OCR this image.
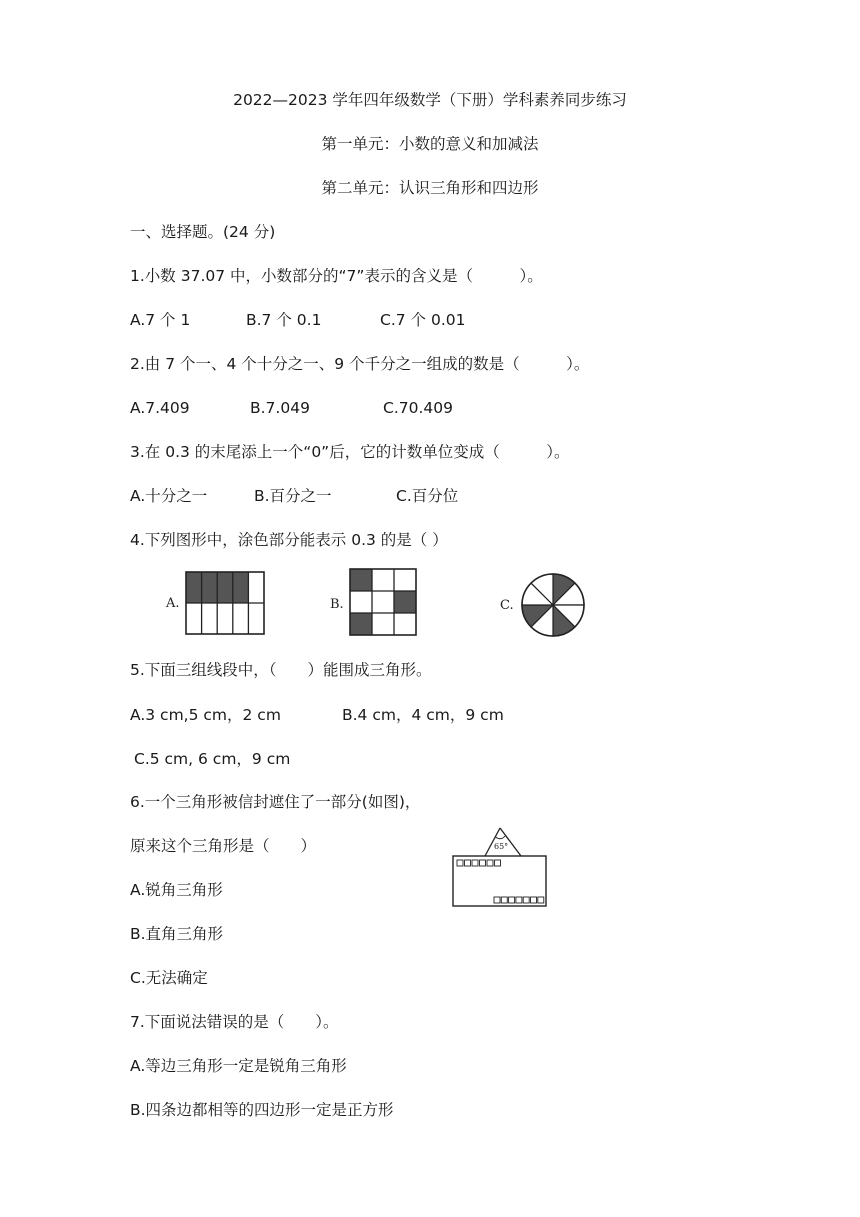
2022—2023 学年四年级数学（下册）学科素养同步练习
第一单元：小数的意义和加减法
第二单元：认识三角形和四边形
一、选择题。(24 分)
1.小数 37.07 中，小数部分的“7”表示的含义是（　　　）。
A.7 个 1	B.7 个 0.1	C.7 个 0.01
2.由 7 个一、4 个十分之一、9 个千分之一组成的数是（　　　）。
A.7.409	B.7.049	C.70.409
3.在 0.3 的末尾添上一个“0”后，它的计数单位变成（　　　）。
A.十分之一	B.百分之一	C.百分位
4.下列图形中，涂色部分能表示 0.3 的是（ ）
A.	B.	C.
5.下面三组线段中，（　　）能围成三角形。
A.3 cm,5 cm，2 cm	B.4 cm，4 cm，9 cm
C.5 cm, 6 cm，9 cm
6.一个三角形被信封遮住了一部分(如图)，
原来这个三角形是（　　）
A.锐角三角形
B.直角三角形
C.无法确定
65°
7.下面说法错误的是（　　）。
A.等边三角形一定是锐角三角形
B.四条边都相等的四边形一定是正方形
